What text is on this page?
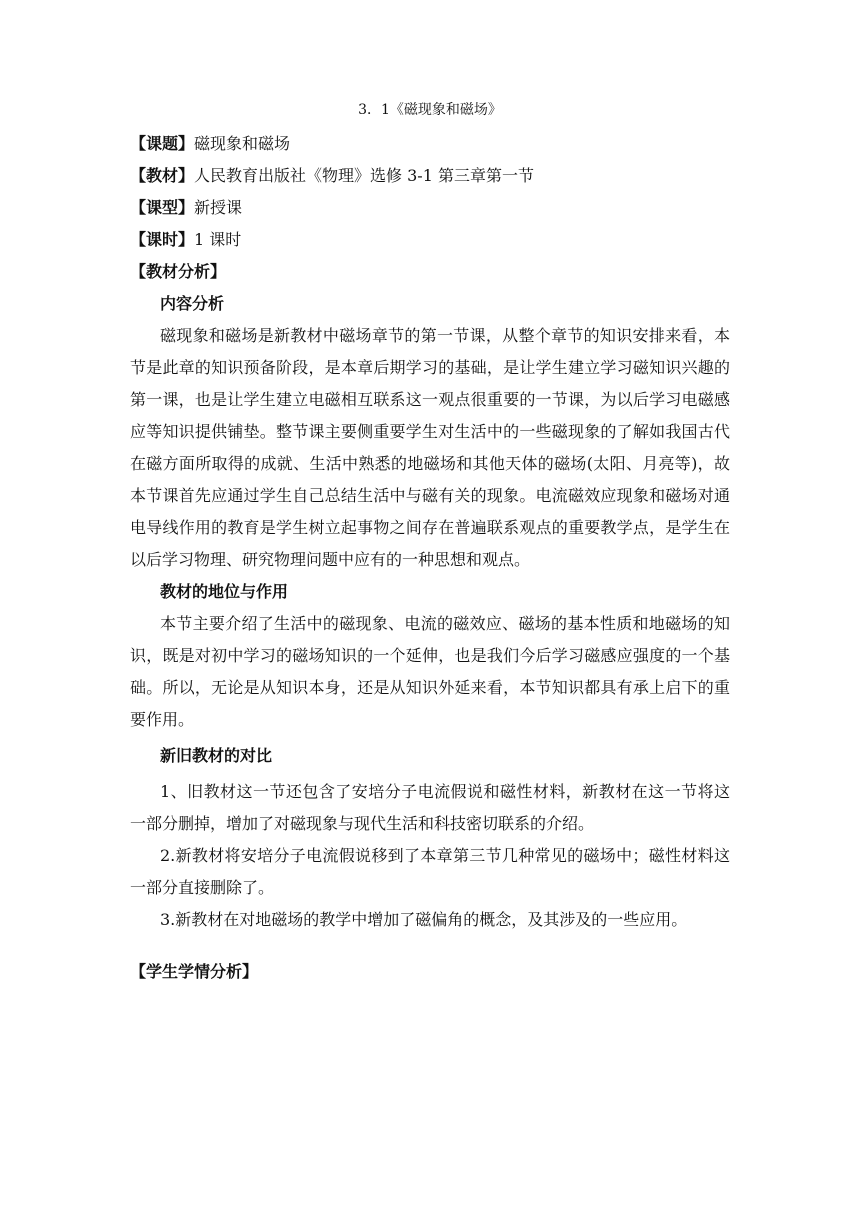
3．1《磁现象和磁场》
【课题】磁现象和磁场
【教材】人民教育出版社《物理》选修 3-1 第三章第一节
【课型】新授课
【课时】1 课时
【教材分析】
内容分析

磁现象和磁场是新教材中磁场章节的第一节课，从整个章节的知识安排来看，本节是此章的知识预备阶段，是本章后期学习的基础，是让学生建立学习磁知识兴趣的第一课，也是让学生建立电磁相互联系这一观点很重要的一节课，为以后学习电磁感应等知识提供铺垫。整节课主要侧重要学生对生活中的一些磁现象的了解如我国古代在磁方面所取得的成就、生活中熟悉的地磁场和其他天体的磁场(太阳、月亮等)，故本节课首先应通过学生自己总结生活中与磁有关的现象。电流磁效应现象和磁场对通电导线作用的教育是学生树立起事物之间存在普遍联系观点的重要教学点，是学生在以后学习物理、研究物理问题中应有的一种思想和观点。

教材的地位与作用

本节主要介绍了生活中的磁现象、电流的磁效应、磁场的基本性质和地磁场的知识，既是对初中学习的磁场知识的一个延伸，也是我们今后学习磁感应强度的一个基础。所以，无论是从知识本身，还是从知识外延来看，本节知识都具有承上启下的重要作用。

新旧教材的对比

1、旧教材这一节还包含了安培分子电流假说和磁性材料，新教材在这一节将这一部分删掉，增加了对磁现象与现代生活和科技密切联系的介绍。

2.新教材将安培分子电流假说移到了本章第三节几种常见的磁场中；磁性材料这一部分直接删除了。

3.新教材在对地磁场的教学中增加了磁偏角的概念，及其涉及的一些应用。

【学生学情分析】
